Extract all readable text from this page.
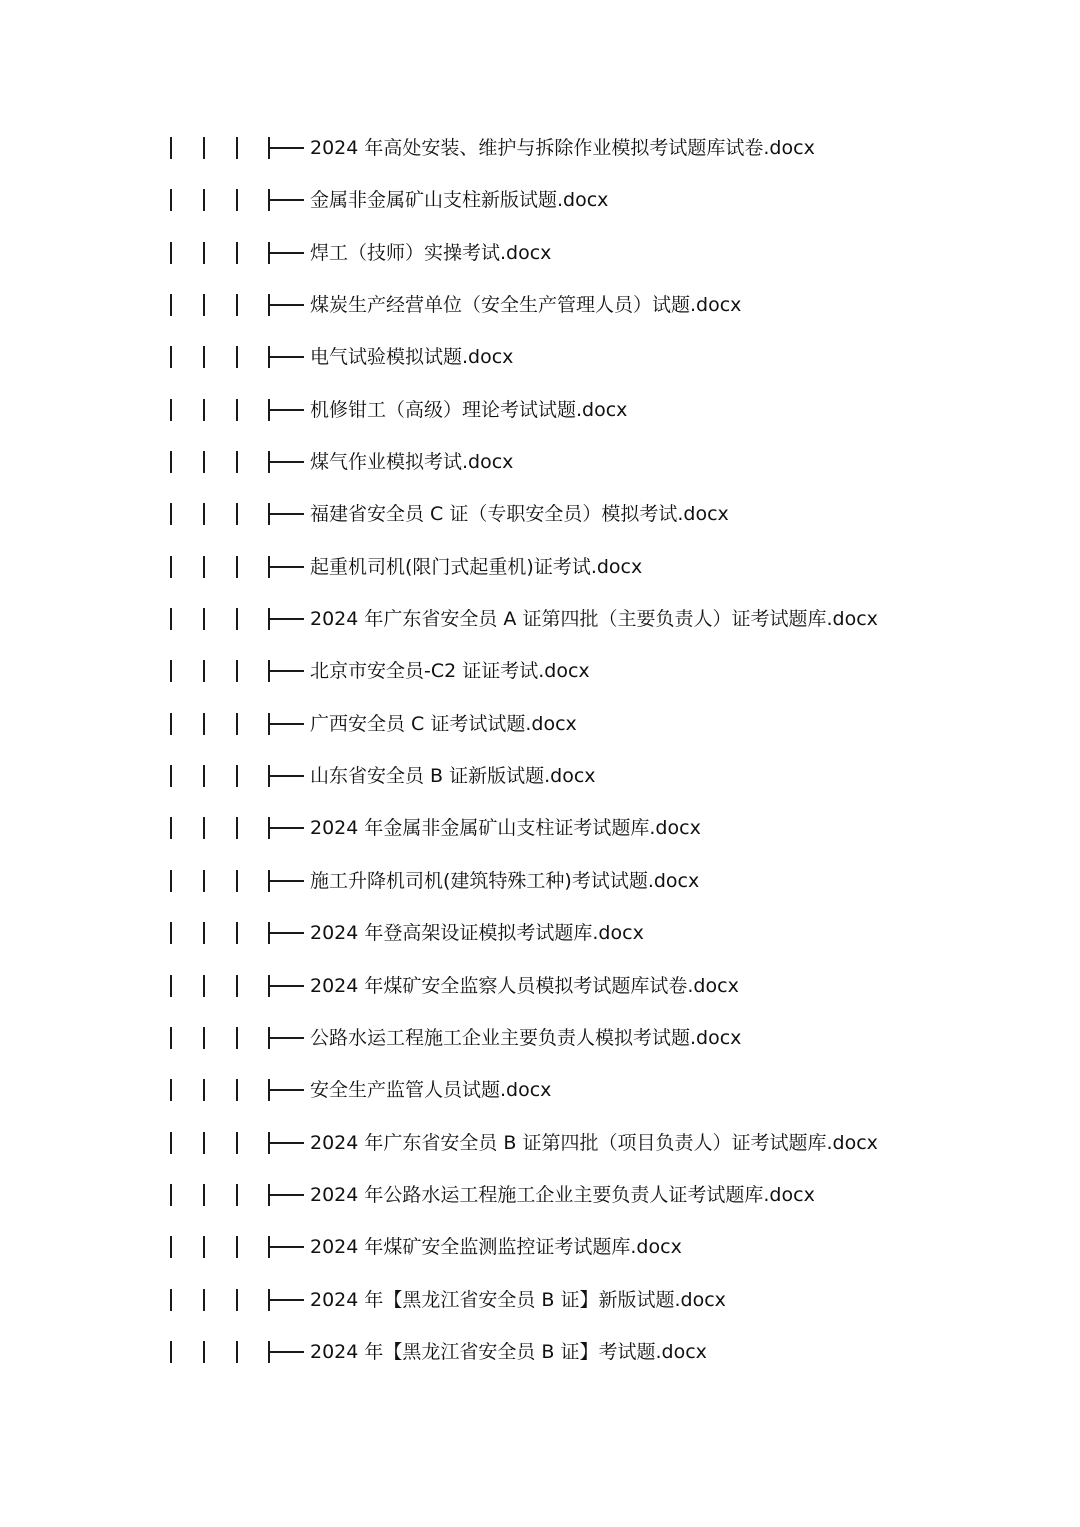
2024 年高处安装、维护与拆除作业模拟考试题库试卷.docx
金属非金属矿山支柱新版试题.docx
焊工（技师）实操考试.docx
煤炭生产经营单位（安全生产管理人员）试题.docx
电气试验模拟试题.docx
机修钳工（高级）理论考试试题.docx
煤气作业模拟考试.docx
福建省安全员 C 证（专职安全员）模拟考试.docx
起重机司机(限门式起重机)证考试.docx
2024 年广东省安全员 A 证第四批（主要负责人）证考试题库.docx
北京市安全员-C2 证证考试.docx
广西安全员 C 证考试试题.docx
山东省安全员 B 证新版试题.docx
2024 年金属非金属矿山支柱证考试题库.docx
施工升降机司机(建筑特殊工种)考试试题.docx
2024 年登高架设证模拟考试题库.docx
2024 年煤矿安全监察人员模拟考试题库试卷.docx
公路水运工程施工企业主要负责人模拟考试题.docx
安全生产监管人员试题.docx
2024 年广东省安全员 B 证第四批（项目负责人）证考试题库.docx
2024 年公路水运工程施工企业主要负责人证考试题库.docx
2024 年煤矿安全监测监控证考试题库.docx
2024 年【黑龙江省安全员 B 证】新版试题.docx
2024 年【黑龙江省安全员 B 证】考试题.docx
